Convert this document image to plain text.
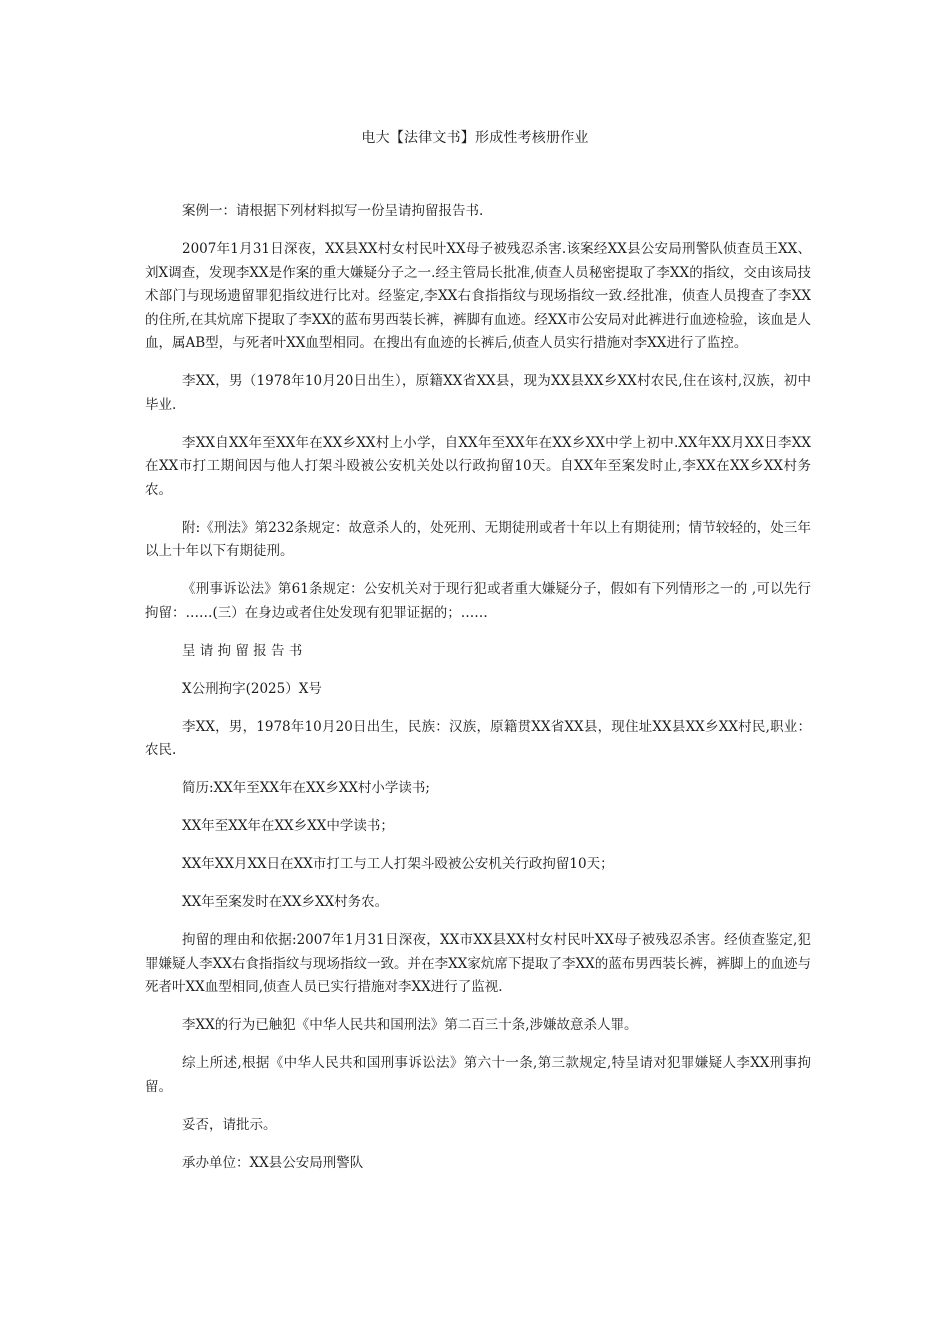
电大【法律文书】形成性考核册作业

案例一：请根据下列材料拟写一份呈请拘留报告书.

2007年1月31日深夜，XX县XX村女村民叶XX母子被残忍杀害.该案经XX县公安局刑警队侦查员王XX、刘X调查，发现李XX是作案的重大嫌疑分子之一.经主管局长批准,侦查人员秘密提取了李XX的指纹，交由该局技术部门与现场遗留罪犯指纹进行比对。经鉴定,李XX右食指指纹与现场指纹一致.经批准，侦查人员搜查了李XX的住所,在其炕席下提取了李XX的蓝布男西装长裤，裤脚有血迹。经XX市公安局对此裤进行血迹检验，该血是人血，属AB型，与死者叶XX血型相同。在搜出有血迹的长裤后,侦查人员实行措施对李XX进行了监控。

李XX，男（1978年10月20日出生），原籍XX省XX县，现为XX县XX乡XX村农民,住在该村,汉族，初中毕业.

李XX自XX年至XX年在XX乡XX村上小学，自XX年至XX年在XX乡XX中学上初中.XX年XX月XX日李XX在XX市打工期间因与他人打架斗殴被公安机关处以行政拘留10天。自XX年至案发时止,李XX在XX乡XX村务农。

附:《刑法》第232条规定：故意杀人的，处死刑、无期徒刑或者十年以上有期徒刑；情节较轻的，处三年以上十年以下有期徒刑。

《刑事诉讼法》第61条规定：公安机关对于现行犯或者重大嫌疑分子，假如有下列情形之一的 ,可以先行拘留：……(三）在身边或者住处发现有犯罪证据的；……

呈 请 拘 留 报 告 书

X公刑拘字(2025）X号

李XX，男，1978年10月20日出生，民族：汉族，原籍贯XX省XX县，现住址XX县XX乡XX村民,职业：农民.

简历:XX年至XX年在XX乡XX村小学读书;

XX年至XX年在XX乡XX中学读书；

XX年XX月XX日在XX市打工与工人打架斗殴被公安机关行政拘留10天；

XX年至案发时在XX乡XX村务农。

拘留的理由和依据:2007年1月31日深夜，XX市XX县XX村女村民叶XX母子被残忍杀害。经侦查鉴定,犯罪嫌疑人李XX右食指指纹与现场指纹一致。并在李XX家炕席下提取了李XX的蓝布男西装长裤，裤脚上的血迹与死者叶XX血型相同,侦查人员已实行措施对李XX进行了监视.

李XX的行为已触犯《中华人民共和国刑法》第二百三十条,涉嫌故意杀人罪。

综上所述,根据《中华人民共和国刑事诉讼法》第六十一条,第三款规定,特呈请对犯罪嫌疑人李XX刑事拘留。

妥否，请批示。

承办单位：XX县公安局刑警队
